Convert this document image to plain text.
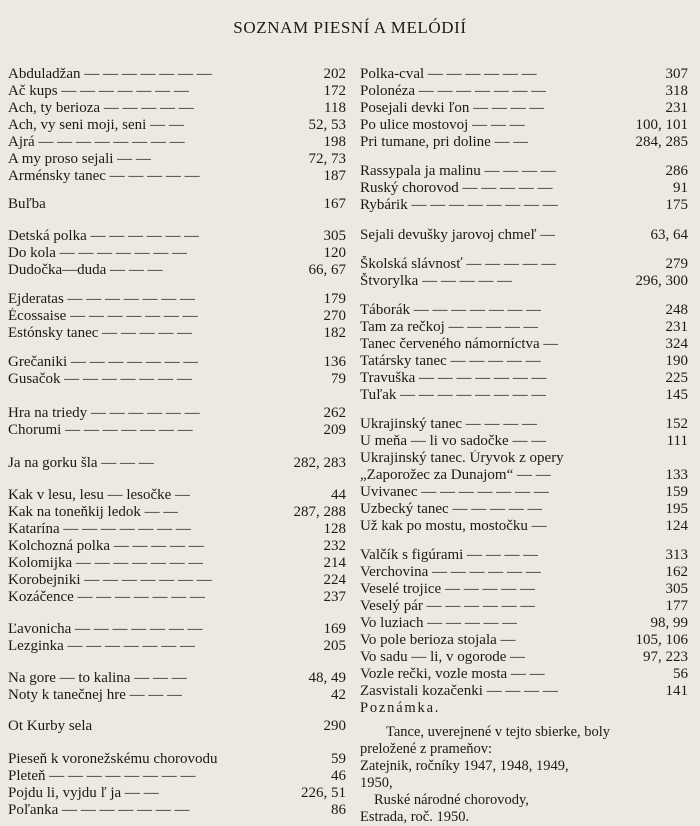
SOZNAM PIESNÍ A MELÓDIÍ
Abduladžan — — — — — — —	202
Ač kups — — — — — — —	172
Ach, ty berioza — — — — —	118
Ach, vy seni moji, seni — —	52, 53
Ajrá — — — — — — — —	198
A my proso sejali — —	72, 73
Arménsky tanec — — — — —	187
Buľba	167
Detská polka — — — — — —	305
Do kola — — — — — — —	120
Dudočka—duda — — —	66, 67
Ejderatas — — — — — — —	179
Écossaise — — — — — — —	270
Estónsky tanec — — — — —	182
Grečaniki — — — — — — —	136
Gusačok — — — — — — —	79
Hra na triedy — — — — — —	262
Chorumi — — — — — — —	209
Ja na gorku šla — — —	282, 283
Kak v lesu, lesu — lesočke —	44
Kak na toneňkij ledok — —	287, 288
Katarína — — — — — — —	128
Kolchozná polka — — — — —	232
Kolomijka — — — — — — —	214
Korobejniki — — — — — — —	224
Kozáčence — — — — — — —	237
Ľavonicha — — — — — — —	169
Lezginka — — — — — — —	205
Na gore — to kalina — — —	48, 49
Noty k tanečnej hre — — —	42
Ot Kurby sela	290
Pieseň k voronežskému chorovodu	59
Pleteň — — — — — — — —	46
Pojdu li, vyjdu ľ ja — —	226, 51
Poľanka — — — — — — —	86
Polka-cval — — — — — —	307
Polonéza — — — — — — —	318
Posejali devki ľon — — — —	231
Po ulice mostovoj — — —	100, 101
Pri tumane, pri doline — —	284, 285
Rassypala ja malinu — — — —	286
Ruský chorovod — — — — —	91
Rybárik — — — — — — — —	175
Sejali devušky jarovoj chmeľ —	63, 64
Školská slávnosť — — — — —	279
Štvorylka — — — — —	296, 300
Táborák — — — — — — —	248
Tam za rečkoj — — — — —	231
Tanec červeného námorníctva —	324
Tatársky tanec — — — — —	190
Travuška — — — — — — —	225
Tuľak — — — — — — — —	145
Ukrajinský tanec — — — —	152
U meňa — li vo sadočke — —	111
Ukrajinský tanec. Úryvok z opery
„Zaporožec za Dunajom“ — —	133
Uvivanec — — — — — — —	159
Uzbecký tanec — — — — —	195
Už kak po mostu, mostočku —	124
Valčík s figúrami — — — —	313
Verchovina — — — — — —	162
Veselé trojice — — — — —	305
Veselý pár — — — — — —	177
Vo luziach — — — — —	98, 99
Vo pole berioza stojala —	105, 106
Vo sadu — li, v ogorode —	97, 223
Vozle rečki, vozle mosta — —	56
Zasvistali kozačenki — — — —	141
Poznámka.
Tance, uverejnené v tejto sbierke, boly
preložené z prameňov:
Zatejnik, ročníky 1947, 1948, 1949,
1950,
Ruské národné chorovody,
Estrada, roč. 1950.
